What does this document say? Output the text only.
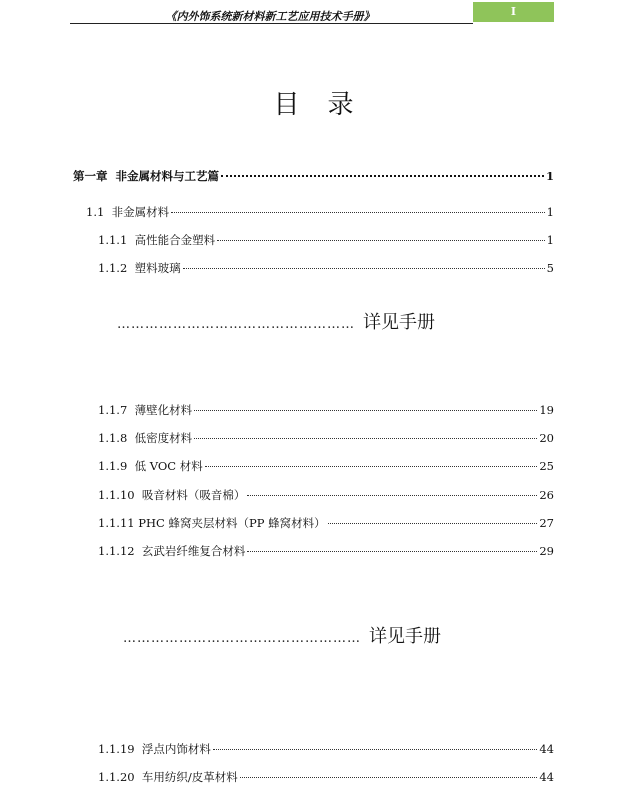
《内外饰系统新材料新工艺应用技术手册》	I
目录
第一章  非金属材料与工艺篇	1
1.1  非金属材料	1
1.1.1  高性能合金塑料	1
1.1.2  塑料玻璃	5
…………………………………………… 详见手册
1.1.7  薄壁化材料	19
1.1.8  低密度材料	20
1.1.9  低 VOC 材料	25
1.1.10  吸音材料（吸音棉）	26
1.1.11 PHC 蜂窝夹层材料（PP 蜂窝材料）	27
1.1.12  玄武岩纤维复合材料	29
…………………………………………… 详见手册
1.1.19  浮点内饰材料	44
1.1.20  车用纺织/皮革材料	44
